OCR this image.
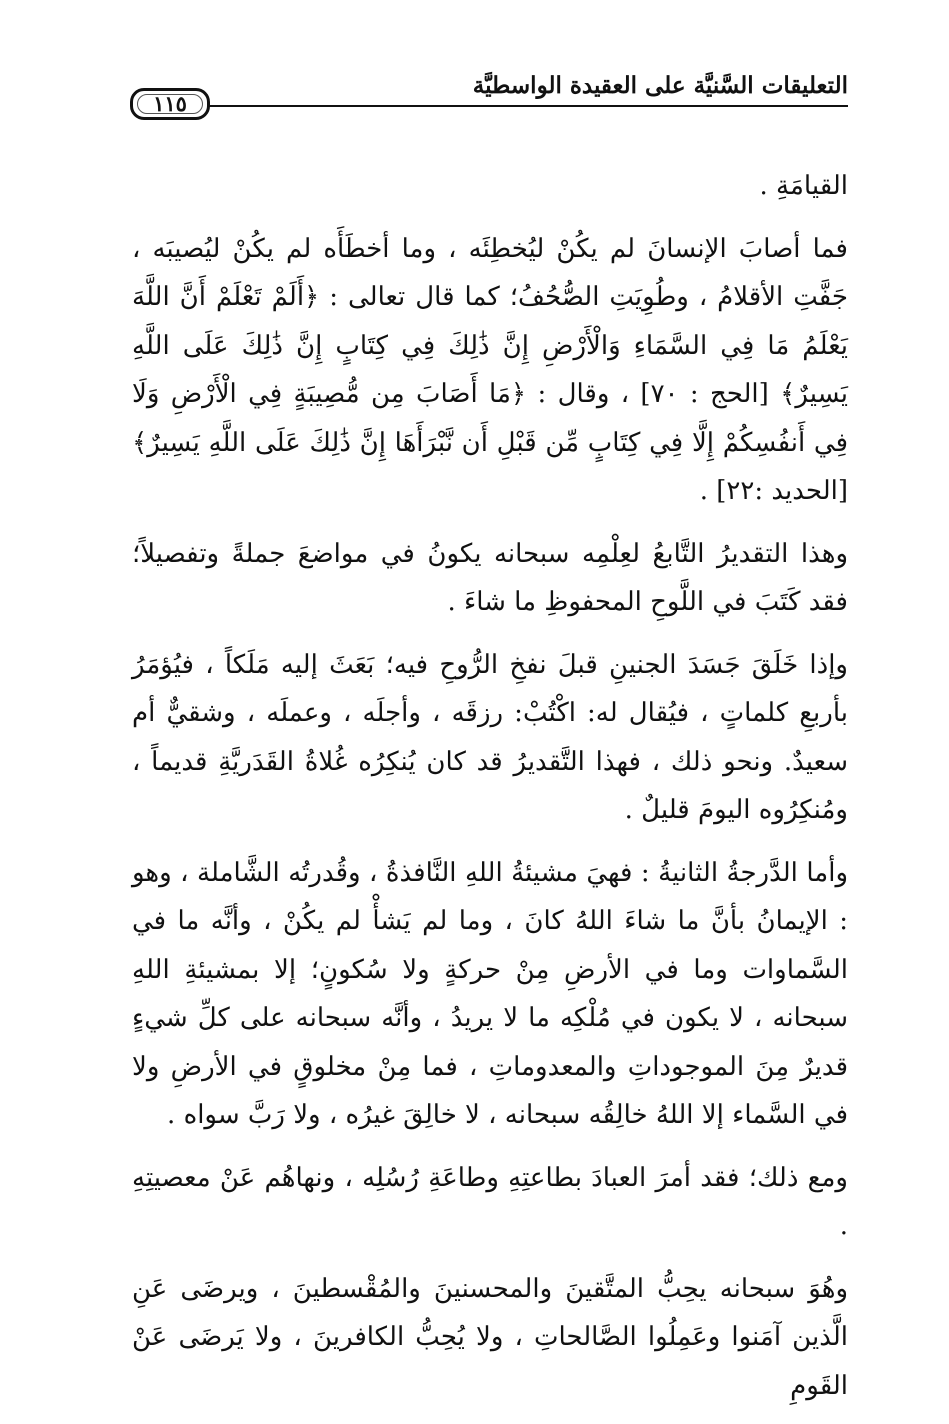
التعليقات السَّنيَّة على العقيدة الواسطيَّة
١١٥

القيامَةِ .

فما أصابَ الإنسانَ لم يكُنْ ليُخطِئَه ، وما أخطَأَه لم يكُنْ ليُصيبَه ، جَفَّتِ الأقلامُ ، وطُوِيَتِ الصُّحُفُ؛ كما قال تعالى : ﴿أَلَمْ تَعْلَمْ أَنَّ اللَّهَ يَعْلَمُ مَا فِي السَّمَاءِ وَالْأَرْضِ إِنَّ ذَٰلِكَ فِي كِتَابٍ إِنَّ ذَٰلِكَ عَلَى اللَّهِ يَسِيرٌ﴾ [الحج : ٧٠] ، وقال : ﴿مَا أَصَابَ مِن مُّصِيبَةٍ فِي الْأَرْضِ وَلَا فِي أَنفُسِكُمْ إِلَّا فِي كِتَابٍ مِّن قَبْلِ أَن نَّبْرَأَهَا إِنَّ ذَٰلِكَ عَلَى اللَّهِ يَسِيرٌ﴾ [الحديد :٢٢] .

وهذا التقديرُ التَّابعُ لعِلْمِه سبحانه يكونُ في مواضعَ جملةً وتفصيلاً؛ فقد كَتَبَ في اللَّوحِ المحفوظِ ما شاءَ .

وإذا خَلَقَ جَسَدَ الجنينِ قبلَ نفخِ الرُّوحِ فيه؛ بَعَثَ إليه مَلَكاً ، فيُؤمَرُ بأربعِ كلماتٍ ، فيُقال له: اكْتُبْ: رزقَه ، وأجلَه ، وعملَه ، وشقيٌّ أم سعيدٌ. ونحو ذلك ، فهذا التَّقديرُ قد كان يُنكِرُه غُلاةُ القَدَريَّةِ قديماً ، ومُنكِرُوه اليومَ قليلٌ .

وأما الدَّرجةُ الثانيةُ : فهيَ مشيئةُ اللهِ النَّافذةُ ، وقُدرتُه الشَّاملة ، وهو : الإيمانُ بأنَّ ما شاءَ اللهُ كانَ ، وما لم يَشأْ لم يكُنْ ، وأنَّه ما في السَّماوات وما في الأرضِ مِنْ حركةٍ ولا سُكونٍ؛ إلا بمشيئةِ اللهِ سبحانه ، لا يكون في مُلْكِه ما لا يريدُ ، وأنَّه سبحانه على كلِّ شيءٍ قديرٌ مِنَ الموجوداتِ والمعدوماتِ ، فما مِنْ مخلوقٍ في الأرضِ ولا في السَّماء إلا اللهُ خالِقُه سبحانه ، لا خالِقَ غيرُه ، ولا رَبَّ سواه .

ومع ذلك؛ فقد أمرَ العبادَ بطاعتِهِ وطاعَةِ رُسُلِه ، ونهاهُم عَنْ معصيتِهِ .

وهُوَ سبحانه يحِبُّ المتَّقينَ والمحسنينَ والمُقْسطينَ ، ويرضَى عَنِ الَّذين آمَنوا وعَمِلُوا الصَّالحاتِ ، ولا يُحِبُّ الكافرينَ ، ولا يَرضَى عَنْ القَومِ
